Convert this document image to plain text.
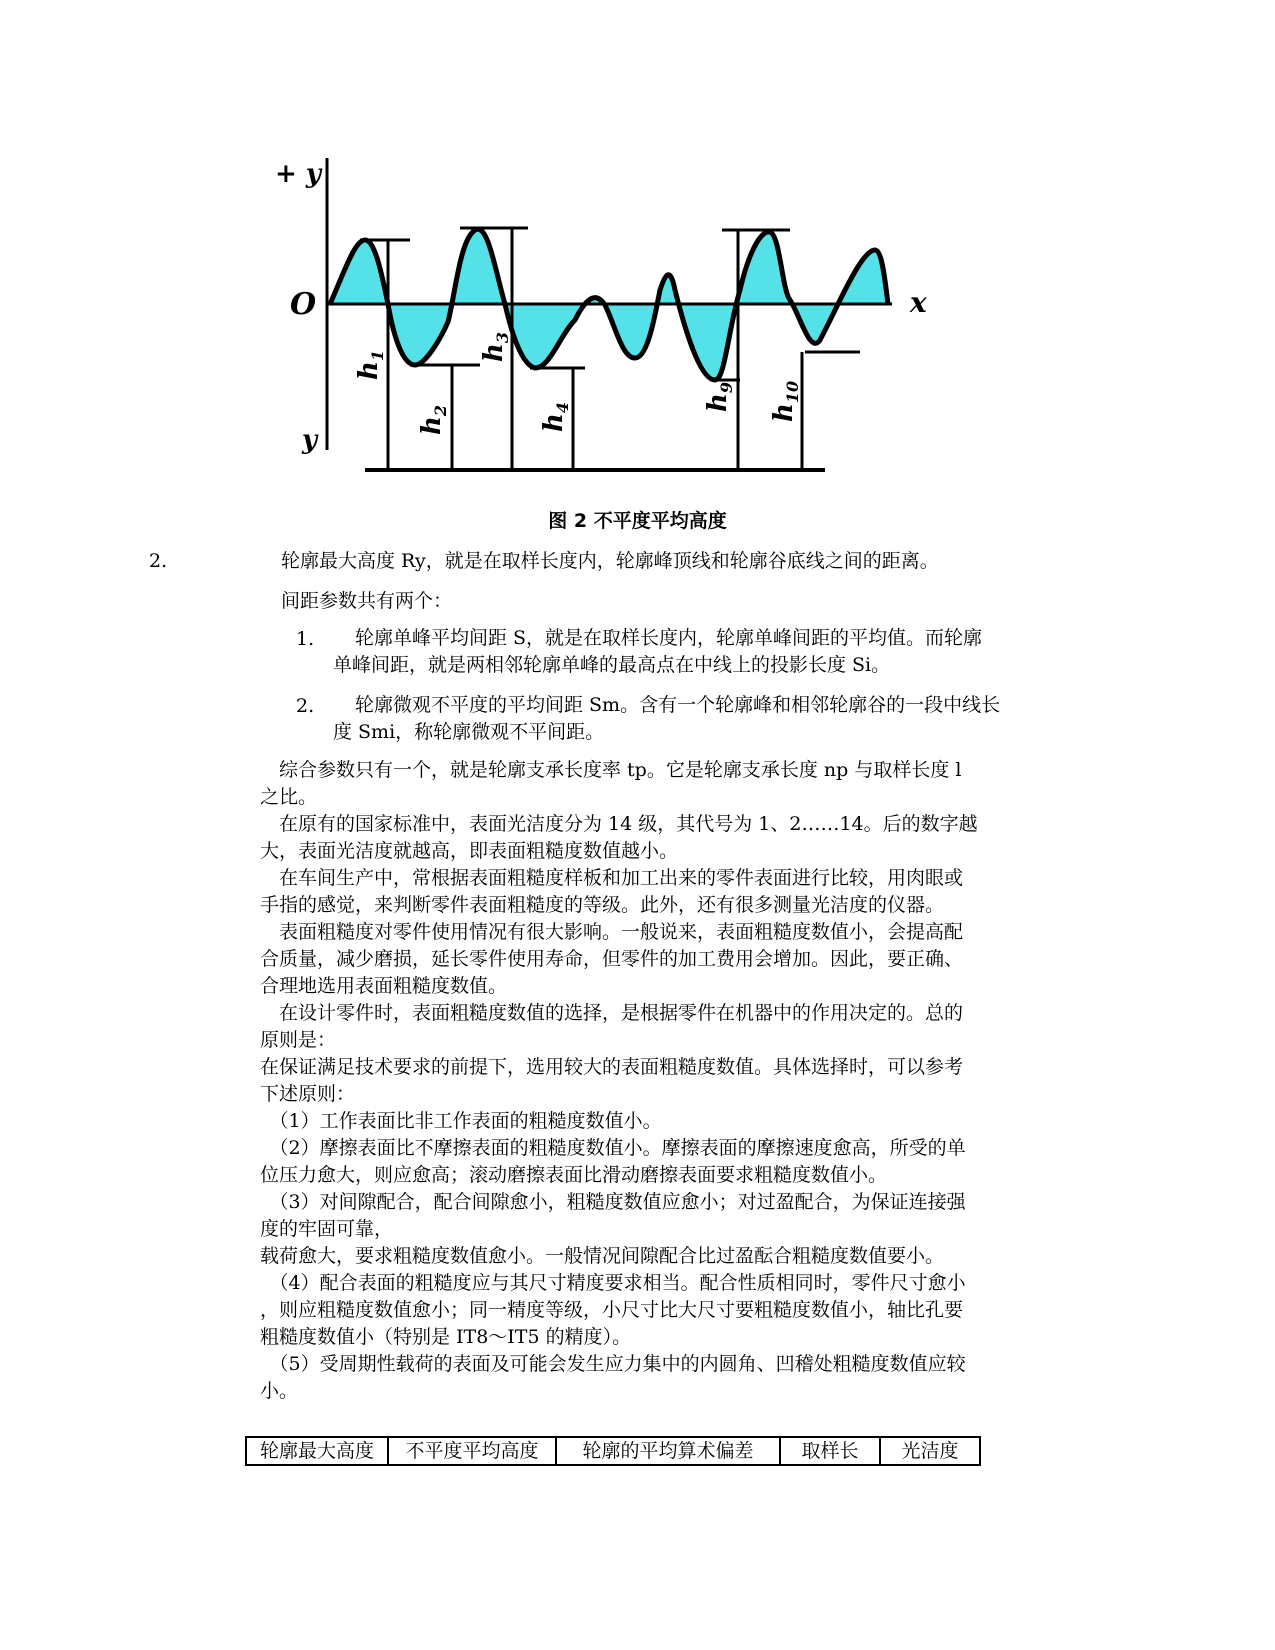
+ y
y
O	x
$h_1$
$h_2$
$h_3$
$h_4$	$h_9$
$h_{10}$
图 2 不平度平均高度
2.	轮廓最大高度 Ry，就是在取样长度内，轮廓峰顶线和轮廓谷底线之间的距离。

间距参数共有两个：

1.	轮廓单峰平均间距 S，就是在取样长度内，轮廓单峰间距的平均值。而轮廓

单峰间距，就是两相邻轮廓单峰的最高点在中线上的投影长度 Si。

2.	轮廓微观不平度的平均间距 Sm。含有一个轮廓峰和相邻轮廓谷的一段中线长

度 Smi，称轮廓微观不平间距。

　综合参数只有一个，就是轮廓支承长度率 tp。它是轮廓支承长度 np 与取样长度 l

之比。

　在原有的国家标准中，表面光洁度分为 14 级，其代号为 1、2……14。后的数字越

大，表面光洁度就越高，即表面粗糙度数值越小。

　在车间生产中，常根据表面粗糙度样板和加工出来的零件表面进行比较，用肉眼或

手指的感觉，来判断零件表面粗糙度的等级。此外，还有很多测量光洁度的仪器。

　表面粗糙度对零件使用情况有很大影响。一般说来，表面粗糙度数值小，会提高配

合质量，减少磨损，延长零件使用寿命，但零件的加工费用会增加。因此，要正确、

合理地选用表面粗糙度数值。

　在设计零件时，表面粗糙度数值的选择，是根据零件在机器中的作用决定的。总的

原则是：

在保证满足技术要求的前提下，选用较大的表面粗糙度数值。具体选择时，可以参考

下述原则：

　（1）工作表面比非工作表面的粗糙度数值小。

　（2）摩擦表面比不摩擦表面的粗糙度数值小。摩擦表面的摩擦速度愈高，所受的单

位压力愈大，则应愈高；滚动磨擦表面比滑动磨擦表面要求粗糙度数值小。

　（3）对间隙配合，配合间隙愈小，粗糙度数值应愈小；对过盈配合，为保证连接强

度的牢固可靠，

载荷愈大，要求粗糙度数值愈小。一般情况间隙配合比过盈酝合粗糙度数值要小。

　（4）配合表面的粗糙度应与其尺寸精度要求相当。配合性质相同时，零件尺寸愈小

，则应粗糙度数值愈小；同一精度等级，小尺寸比大尺寸要粗糙度数值小，轴比孔要

粗糙度数值小（特别是 IT8～IT5 的精度）。

　（5）受周期性载荷的表面及可能会发生应力集中的内圆角、凹稽处粗糙度数值应较

小。

轮廓最大高度	不平度平均高度	轮廓的平均算术偏差	取样长	光洁度
